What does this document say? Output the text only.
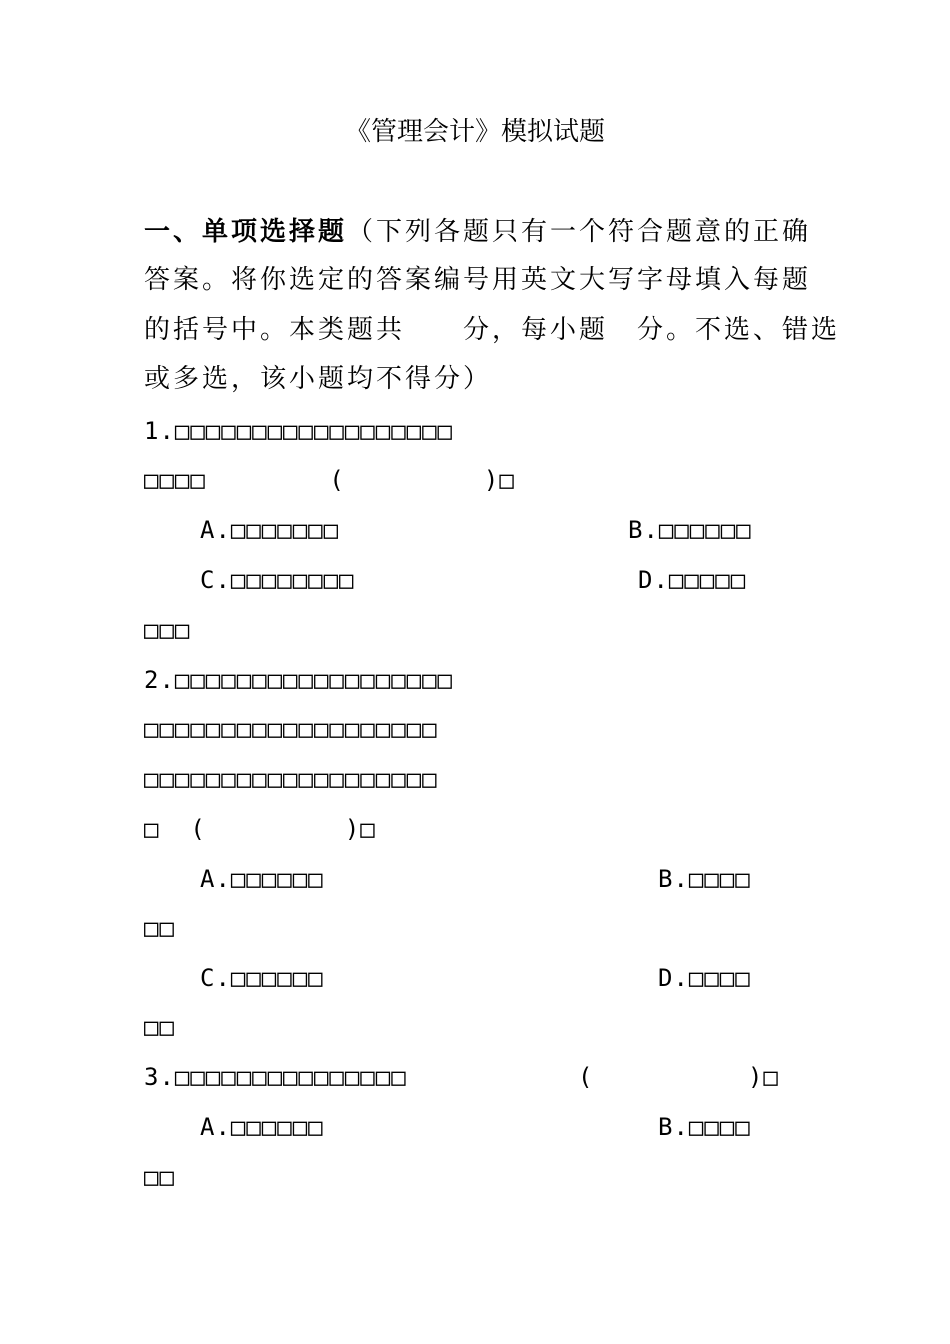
《管理会计》模拟试题
一、单项选择题（下列各题只有一个符合题意的正确
答案。将你选定的答案编号用英文大写字母填入每题
的括号中。本类题共　　分，每小题　分。不选、错选
或多选，该小题均不得分）
1.□□□□□□□□□□□□□□□□□□
□□□□        (         )□
A.□□□□□□□	B.□□□□□□
C.□□□□□□□□	D.□□□□□
□□□
2.□□□□□□□□□□□□□□□□□□
□□□□□□□□□□□□□□□□□□□
□□□□□□□□□□□□□□□□□□□
□  (         )□
A.□□□□□□	B.□□□□
□□
C.□□□□□□	D.□□□□
□□
3.□□□□□□□□□□□□□□□	(          )□
A.□□□□□□	B.□□□□
□□
